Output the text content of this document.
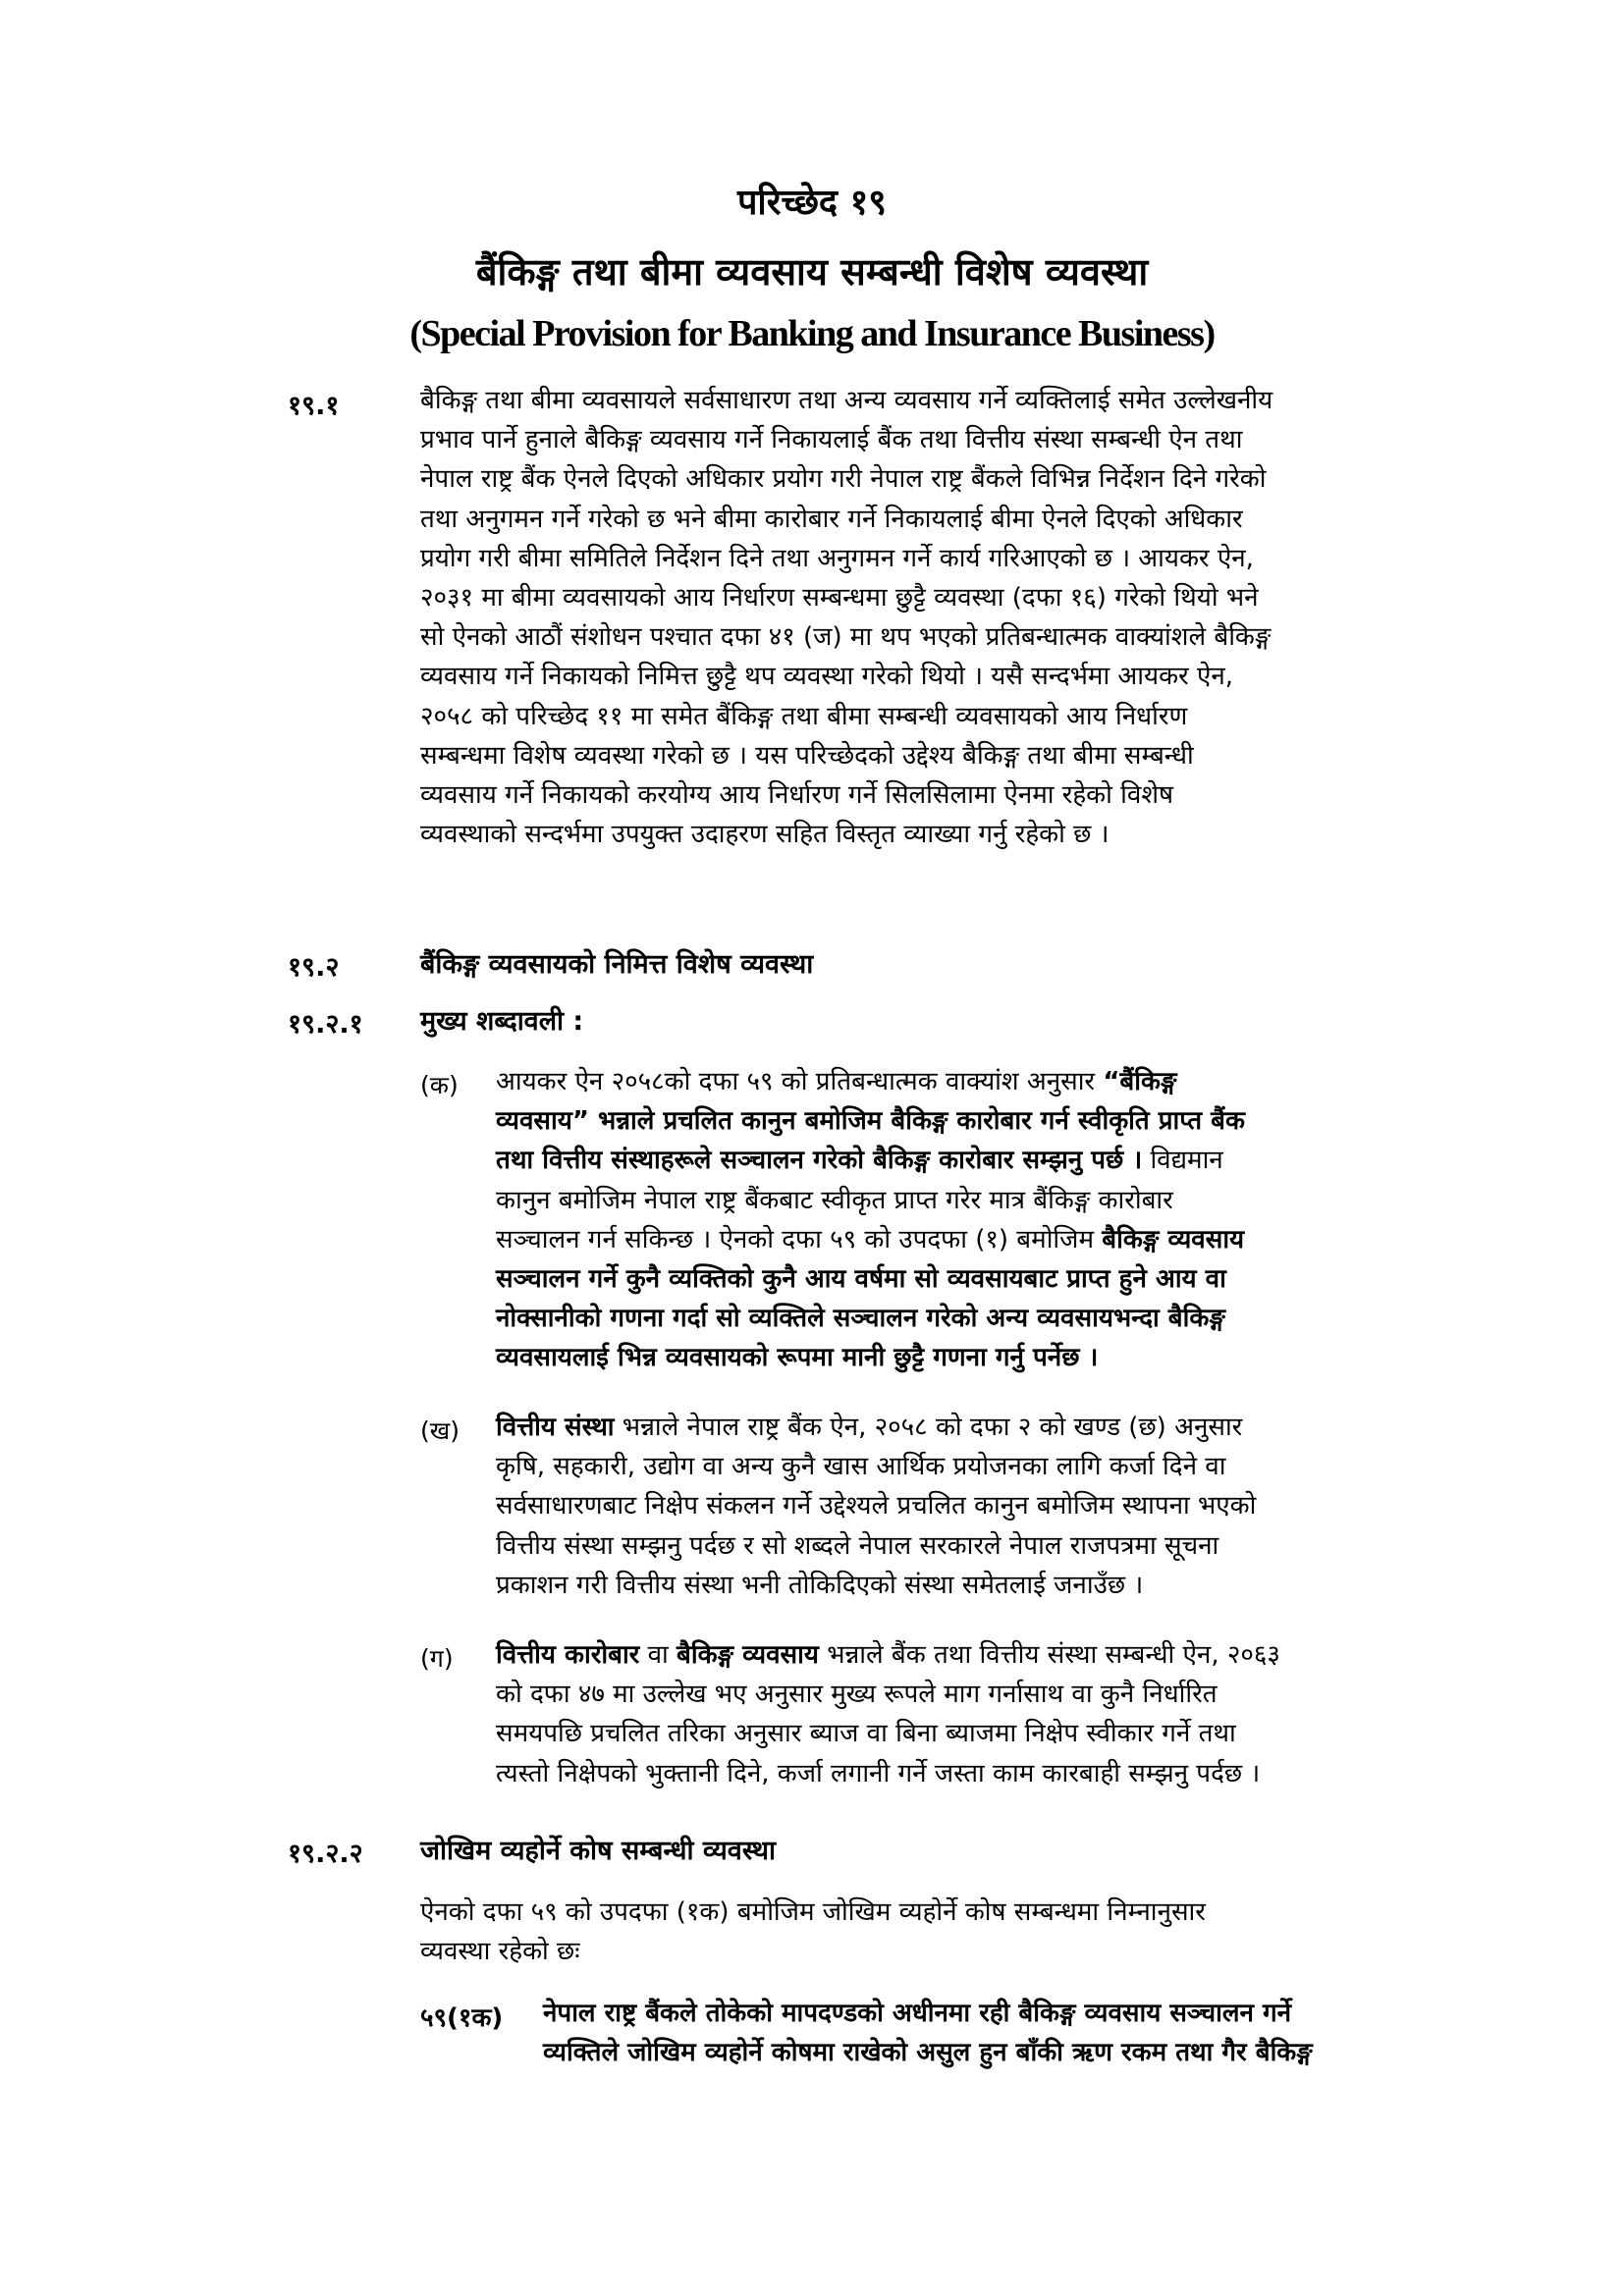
परिच्छेद १९
बैंकिङ्ग तथा बीमा व्यवसाय सम्बन्धी विशेष व्यवस्था
(Special Provision for Banking and Insurance Business)
१९.१	बैकिङ्ग तथा बीमा व्यवसायले सर्वसाधारण तथा अन्य व्यवसाय गर्ने व्यक्तिलाई समेत उल्लेखनीय
प्रभाव पार्ने हुनाले बैकिङ्ग व्यवसाय गर्ने निकायलाई बैंक तथा वित्तीय संस्था सम्बन्धी ऐन तथा
नेपाल राष्ट्र बैंक ऐनले दिएको अधिकार प्रयोग गरी नेपाल राष्ट्र बैंकले विभिन्न निर्देशन दिने गरेको
तथा अनुगमन गर्ने गरेको छ भने बीमा कारोबार गर्ने निकायलाई बीमा ऐनले दिएको अधिकार
प्रयोग गरी बीमा समितिले निर्देशन दिने तथा अनुगमन गर्ने कार्य गरिआएको छ । आयकर ऐन,
२०३१ मा बीमा व्यवसायको आय निर्धारण सम्बन्धमा छुट्टै व्यवस्था (दफा १६) गरेको थियो भने
सो ऐनको आठौं संशोधन पश्चात दफा ४१ (ज) मा थप भएको प्रतिबन्धात्मक वाक्यांशले बैकिङ्ग
व्यवसाय गर्ने निकायको निमित्त छुट्टै थप व्यवस्था गरेको थियो । यसै सन्दर्भमा आयकर ऐन,
२०५८ को परिच्छेद ११ मा समेत बैंकिङ्ग तथा बीमा सम्बन्धी व्यवसायको आय निर्धारण
सम्बन्धमा विशेष व्यवस्था गरेको छ । यस परिच्छेदको उद्देश्य बैकिङ्ग तथा बीमा सम्बन्धी
व्यवसाय गर्ने निकायको करयोग्य आय निर्धारण गर्ने सिलसिलामा ऐनमा रहेको विशेष
व्यवस्थाको सन्दर्भमा उपयुक्त उदाहरण सहित विस्तृत व्याख्या गर्नु रहेको छ ।
१९.२	बैंकिङ्ग व्यवसायको निमित्त विशेष व्यवस्था
१९.२.१ मुख्य शब्दावली :
(क) आयकर ऐन २०५८को दफा ५९ को प्रतिबन्धात्मक वाक्यांश अनुसार “बैंकिङ्ग
व्यवसाय” भन्नाले प्रचलित कानुन बमोजिम बैकिङ्ग कारोबार गर्न स्वीकृति प्राप्त बैंक
तथा वित्तीय संस्थाहरूले सञ्चालन गरेको बैकिङ्ग कारोबार सम्झनु पर्छ । विद्यमान
कानुन बमोजिम नेपाल राष्ट्र बैंकबाट स्वीकृत प्राप्त गरेर मात्र बैंकिङ्ग कारोबार
सञ्चालन गर्न सकिन्छ । ऐनको दफा ५९ को उपदफा (१) बमोजिम बैकिङ्ग व्यवसाय
सञ्चालन गर्ने कुनै व्यक्तिको कुनै आय वर्षमा सो व्यवसायबाट प्राप्त हुने आय वा
नोक्सानीको गणना गर्दा सो व्यक्तिले सञ्चालन गरेको अन्य व्यवसायभन्दा बैकिङ्ग
व्यवसायलाई भिन्न व्यवसायको रूपमा मानी छुट्टै गणना गर्नु पर्नेछ ।
(ख) वित्तीय संस्था भन्नाले नेपाल राष्ट्र बैंक ऐन, २०५८ को दफा २ को खण्ड (छ) अनुसार
कृषि, सहकारी, उद्योग वा अन्य कुनै खास आर्थिक प्रयोजनका लागि कर्जा दिने वा
सर्वसाधारणबाट निक्षेप संकलन गर्ने उद्देश्यले प्रचलित कानुन बमोजिम स्थापना भएको
वित्तीय संस्था सम्झनु पर्दछ र सो शब्दले नेपाल सरकारले नेपाल राजपत्रमा सूचना
प्रकाशन गरी वित्तीय संस्था भनी तोकिदिएको संस्था समेतलाई जनाउँछ ।
(ग) वित्तीय कारोबार वा बैकिङ्ग व्यवसाय भन्नाले बैंक तथा वित्तीय संस्था सम्बन्धी ऐन, २०६३
को दफा ४७ मा उल्लेख भए अनुसार मुख्य रूपले माग गर्नासाथ वा कुनै निर्धारित
समयपछि प्रचलित तरिका अनुसार ब्याज वा बिना ब्याजमा निक्षेप स्वीकार गर्ने तथा
त्यस्तो निक्षेपको भुक्तानी दिने, कर्जा लगानी गर्ने जस्ता काम कारबाही सम्झनु पर्दछ ।
१९.२.२ जोखिम व्यहोर्ने कोष सम्बन्धी व्यवस्था
ऐनको दफा ५९ को उपदफा (१क) बमोजिम जोखिम व्यहोर्ने कोष सम्बन्धमा निम्नानुसार
व्यवस्था रहेको छः
५९(१क) नेपाल राष्ट्र बैंकले तोकेको मापदण्डको अधीनमा रही बैकिङ्ग व्यवसाय सञ्चालन गर्ने
व्यक्तिले जोखिम व्यहोर्ने कोषमा राखेको असुल हुन बाँकी ऋण रकम तथा गैर बैकिङ्ग
